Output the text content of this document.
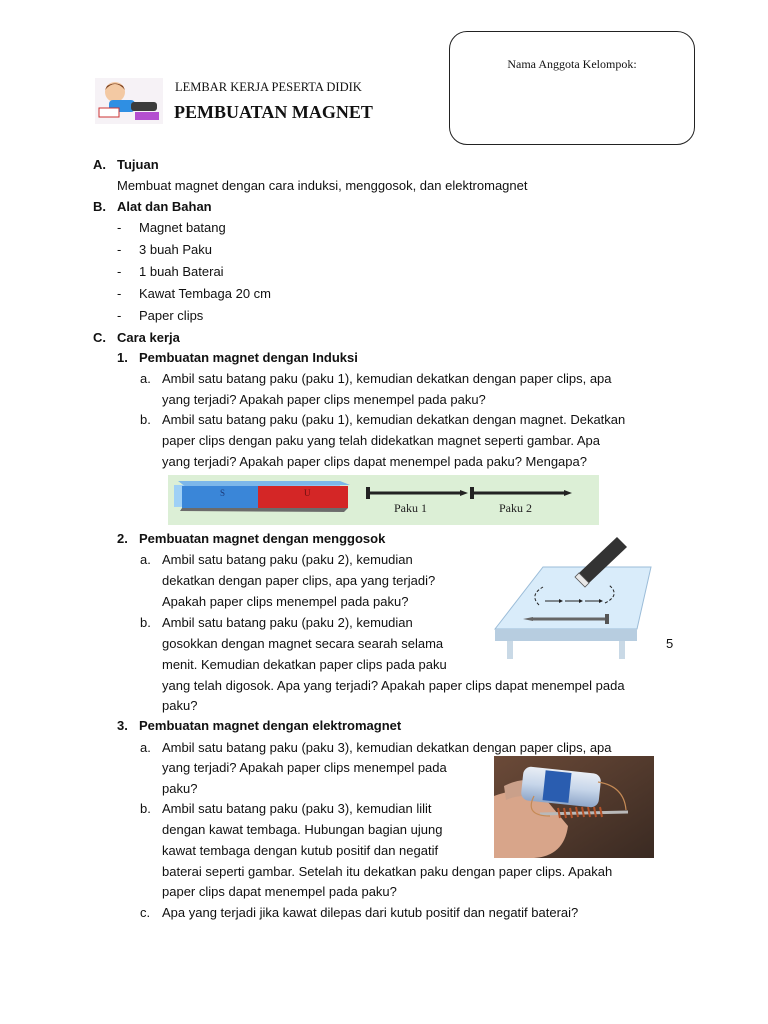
Nama Anggota Kelompok:
LEMBAR KERJA PESERTA DIDIK
PEMBUATAN MAGNET
A. Tujuan
Membuat magnet dengan cara induksi, menggosok, dan elektromagnet
B. Alat dan Bahan
- Magnet batang
- 3 buah Paku
- 1 buah Baterai
- Kawat Tembaga 20 cm
- Paper clips
C. Cara kerja
1. Pembuatan magnet dengan Induksi
a. Ambil satu batang paku (paku 1), kemudian dekatkan dengan paper clips, apa
yang terjadi? Apakah paper clips menempel pada paku?
b. Ambil satu batang paku (paku 1), kemudian dekatkan dengan magnet. Dekatkan
paper clips dengan paku yang telah didekatkan magnet seperti gambar. Apa
yang terjadi? Apakah paper clips dapat menempel pada paku? Mengapa?
S	U
Paku 1	Paku 2
2. Pembuatan magnet dengan menggosok
a. Ambil satu batang paku (paku 2), kemudian
dekatkan dengan paper clips, apa yang terjadi?
Apakah paper clips menempel pada paku?
b. Ambil satu batang paku (paku 2), kemudian
gosokkan dengan magnet secara searah selama	5
menit. Kemudian dekatkan paper clips pada paku
yang telah digosok. Apa yang terjadi? Apakah paper clips dapat menempel pada
paku?
3. Pembuatan magnet dengan elektromagnet
a. Ambil satu batang paku (paku 3), kemudian dekatkan dengan paper clips, apa
yang terjadi? Apakah paper clips menempel pada
paku?
b. Ambil satu batang paku (paku 3), kemudian lilit
dengan kawat tembaga. Hubungan bagian ujung
kawat tembaga dengan kutub positif dan negatif
baterai seperti gambar. Setelah itu dekatkan paku dengan paper clips. Apakah
paper clips dapat menempel pada paku?
c. Apa yang terjadi jika kawat dilepas dari kutub positif dan negatif baterai?
